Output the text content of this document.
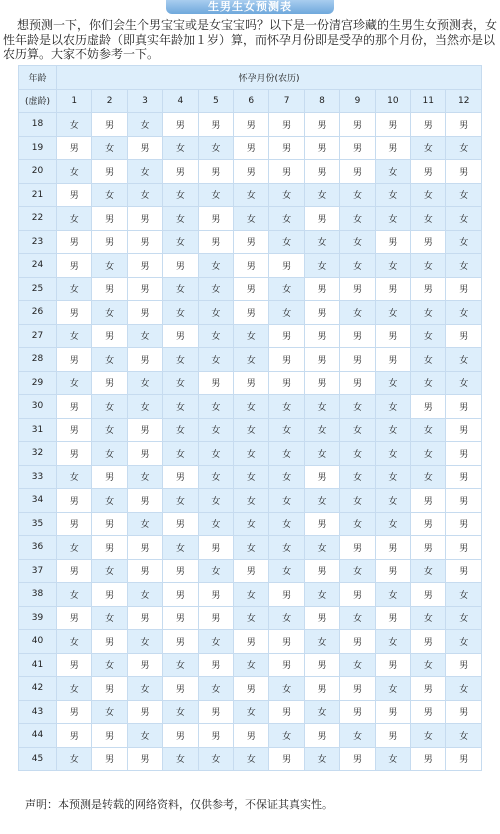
生男生女预测表
想预测一下，你们会生个男宝宝或是女宝宝吗？以下是一份清宫珍藏的生男生女预测表，女性年龄是以农历虚龄（即真实年龄加１岁）算，而怀孕月份即是受孕的那个月份，当然亦是以农历算。大家不妨参考一下。
年龄	怀孕月份(农历)											
(虚龄)	1	2	3	4	5	6	7	8	9	10	11	12
18	女	男	女	男	男	男	男	男	男	男	男	男
19	男	女	男	女	女	男	男	男	男	男	女	女
20	女	男	女	男	男	男	男	男	男	女	男	男
21	男	女	女	女	女	女	女	女	女	女	女	女
22	女	男	男	女	男	女	女	男	女	女	女	女
23	男	男	男	女	男	男	女	女	女	男	男	女
24	男	女	男	男	女	男	男	女	女	女	女	女
25	女	男	男	女	女	男	女	男	男	男	男	男
26	男	女	男	女	女	男	女	男	女	女	女	女
27	女	男	女	男	女	女	男	男	男	男	女	男
28	男	女	男	女	女	女	男	男	男	男	女	女
29	女	男	女	女	男	男	男	男	男	女	女	女
30	男	女	女	女	女	女	女	女	女	女	男	男
31	男	女	男	女	女	女	女	女	女	女	女	男
32	男	女	男	女	女	女	女	女	女	女	女	男
33	女	男	女	男	女	女	女	男	女	女	女	男
34	男	女	男	女	女	女	女	女	女	女	男	男
35	男	男	女	男	女	女	女	男	女	女	男	男
36	女	男	男	女	男	女	女	女	男	男	男	男
37	男	女	男	男	女	男	女	男	女	男	女	男
38	女	男	女	男	男	女	男	女	男	女	男	女
39	男	女	男	男	男	女	女	男	女	男	女	女
40	女	男	女	男	女	男	男	女	男	女	男	女
41	男	女	男	女	男	女	男	男	女	男	女	男
42	女	男	女	男	女	男	女	男	男	女	男	女
43	男	女	男	女	男	女	男	女	男	男	男	男
44	男	男	女	男	男	男	女	男	女	男	女	女
45	女	男	男	女	女	女	男	女	男	女	男	男
声明：本预测是转载的网络资料，仅供参考，不保证其真实性。
